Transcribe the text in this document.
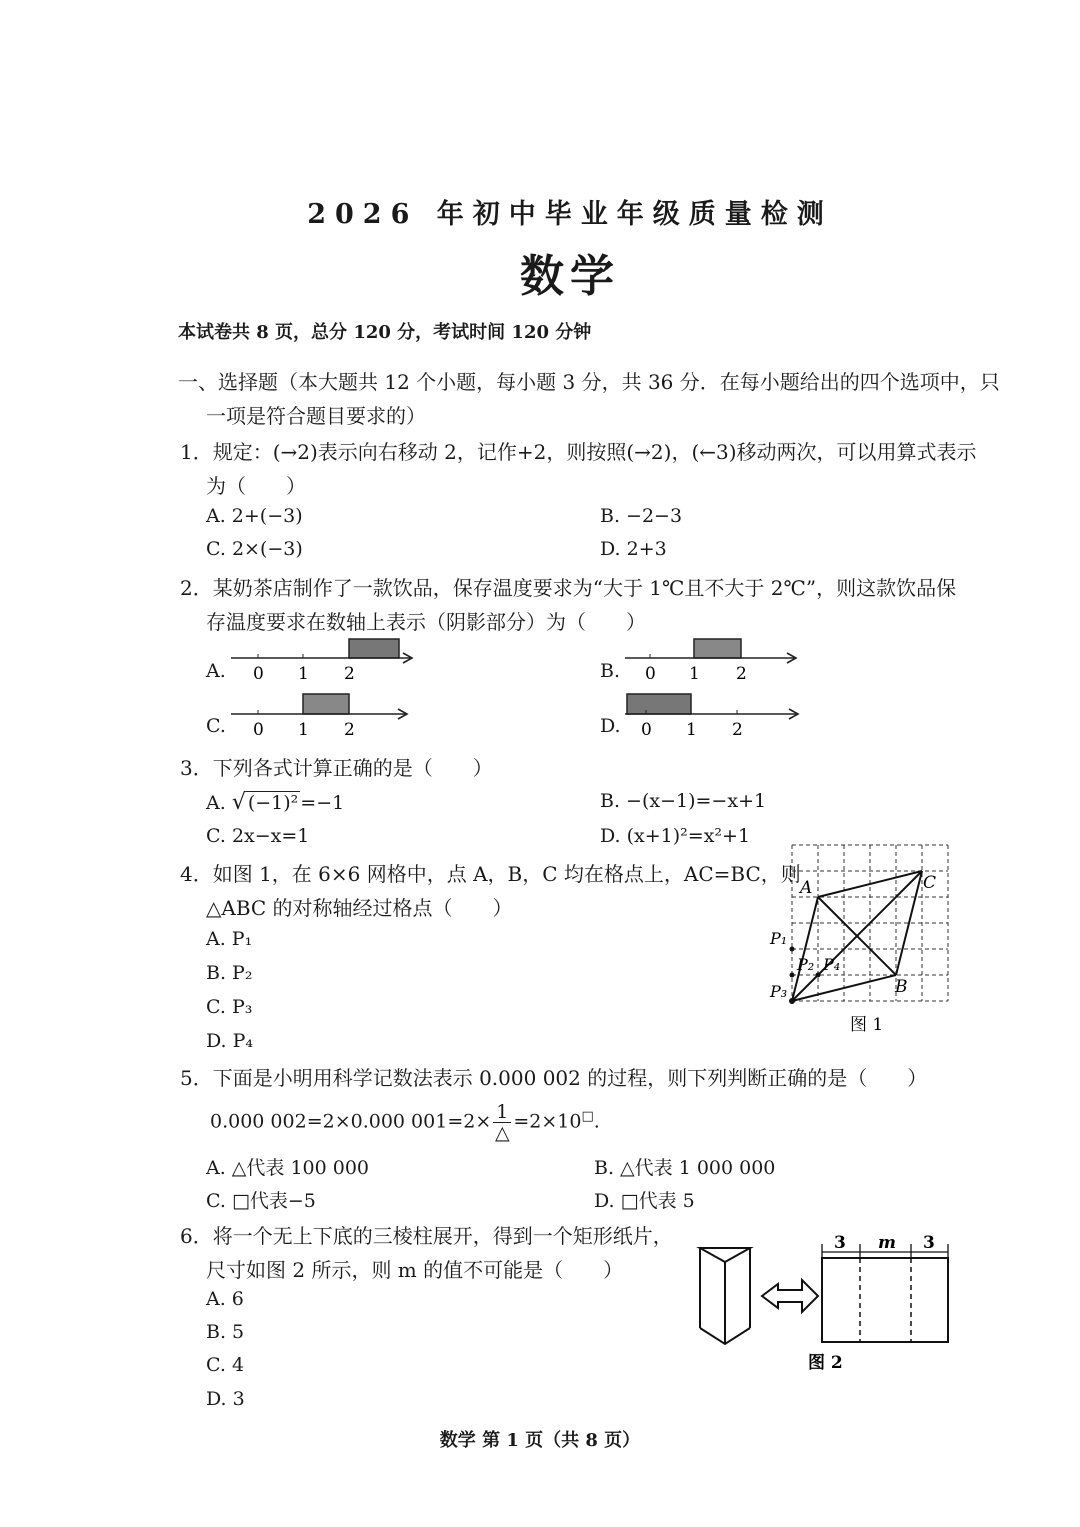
2026 年初中毕业年级质量检测
数学
本试卷共 8 页，总分 120 分，考试时间 120 分钟
一、选择题（本大题共 12 个小题，每小题 3 分，共 36 分．在每小题给出的四个选项中，只
一项是符合题目要求的）
1．规定：(→2)表示向右移动 2，记作+2，则按照(→2)，(←3)移动两次，可以用算式表示
为（　　）
A. 2+(−3)	B. −2−3
C. 2×(−3)	D. 2+3
2．某奶茶店制作了一款饮品，保存温度要求为“大于 1℃且不大于 2℃”，则这款饮品保
存温度要求在数轴上表示（阴影部分）为（　　）
A. 0 1 2	B. 0 1 2
C. 0 1 2	D. 0 1 2
3．下列各式计算正确的是（　　）
A. √ (−1)² =−1	B. −(x−1)=−x+1
C. 2x−x=1	D. (x+1)²=x²+1
4．如图 1，在 6×6 网格中，点 A，B，C 均在格点上，AC=BC，则
△ABC 的对称轴经过格点（　　）
A. P₁
B. P₂
C. P₃
D. P₄
A	C
B
P₁
P₂ P₄
P₃
图 1
5．下面是小明用科学记数法表示 0.000 002 的过程，则下列判断正确的是（　　）
0.000 002=2×0.000 001=2× 1
△
=2×10□.
A. △代表 100 000	B. △代表 1 000 000
C. □代表−5	D. □代表 5
6．将一个无上下底的三棱柱展开，得到一个矩形纸片，
尺寸如图 2 所示，则 m 的值不可能是（　　）
A. 6
B. 5
C. 4
D. 3
3 m 3
图 2
数学 第 1 页（共 8 页）
